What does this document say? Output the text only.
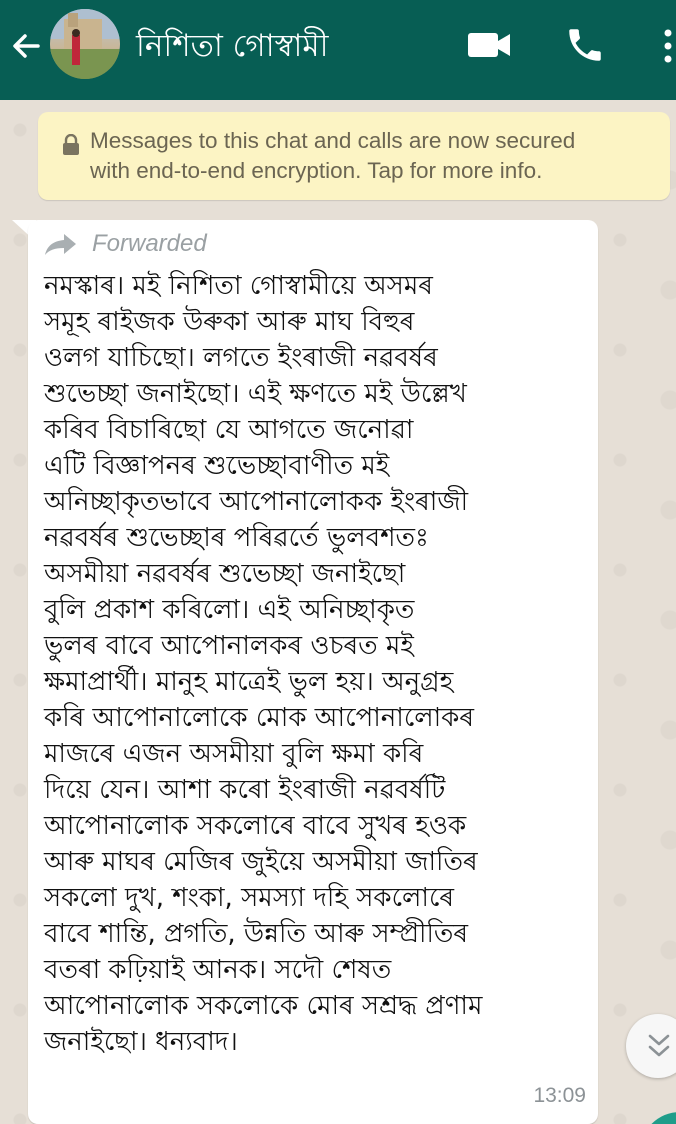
নিশিতা গোস্বামী
Messages to this chat and calls are now secured
with end-to-end encryption. Tap for more info.
Forwarded
নমস্কাৰ। মই নিশিতা গোস্বামীয়ে অসমৰ
সমূহ ৰাইজক উৰুকা আৰু মাঘ বিহুৰ
ওলগ যাচিছো। লগতে ইংৰাজী নৱবৰ্ষৰ
শুভেচ্ছা জনাইছো। এই ক্ষণতে মই উল্লেখ
কৰিব বিচাৰিছো যে আগতে জনোৱা
এটি বিজ্ঞাপনৰ শুভেচ্ছাবাণীত মই
অনিচ্ছাকৃতভাবে আপোনালোকক ইংৰাজী
নৱবৰ্ষৰ শুভেচ্ছাৰ পৰিৱৰ্তে ভুলবশতঃ
অসমীয়া নৱবৰ্ষৰ শুভেচ্ছা জনাইছো
বুলি প্ৰকাশ কৰিলো। এই অনিচ্ছাকৃত
ভুলৰ বাবে আপোনালকৰ ওচৰত মই
ক্ষমাপ্ৰাৰ্থী। মানুহ মাত্ৰেই ভুল হয়। অনুগ্ৰহ
কৰি আপোনালোকে মোক আপোনালোকৰ
মাজৰে এজন অসমীয়া বুলি ক্ষমা কৰি
দিয়ে যেন। আশা কৰো ইংৰাজী নৱবৰ্ষটি
আপোনালোক সকলোৰে বাবে সুখৰ হওক
আৰু মাঘৰ মেজিৰ জুইয়ে অসমীয়া জাতিৰ
সকলো দুখ, শংকা, সমস্যা দহি সকলোৰে
বাবে শান্তি, প্ৰগতি, উন্নতি আৰু সম্প্ৰীতিৰ
বতৰা কঢ়িয়াই আনক। সদৌ শেষত
আপোনালোক সকলোকে মোৰ সশ্ৰদ্ধ প্ৰণাম
জনাইছো। ধন্যবাদ।
13:09
